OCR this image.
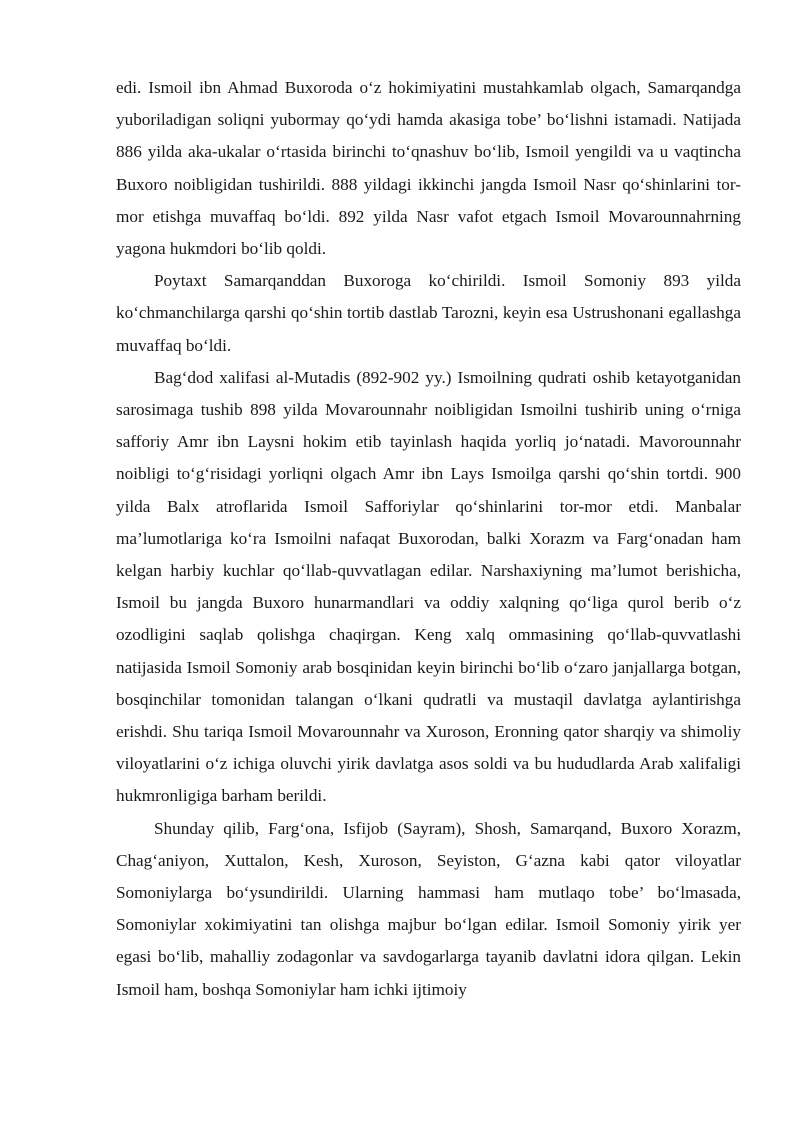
edi. Ismoil ibn Ahmad Buxoroda o‘z hokimiyatini mustahkamlab olgach, Samarqandga yuboriladigan soliqni yubormay qo‘ydi hamda akasiga tobe’ bo‘lishni istamadi. Natijada 886 yilda aka-ukalar o‘rtasida birinchi to‘qnashuv bo‘lib, Ismoil yengildi va u vaqtincha Buxoro noibligidan tushirildi. 888 yildagi ikkinchi jangda Ismoil Nasr qo‘shinlarini tor-mor etishga muvaffaq bo‘ldi. 892 yilda Nasr vafot etgach Ismoil Movarounnahrning yagona hukmdori bo‘lib qoldi.

Poytaxt Samarqanddan Buxoroga ko‘chirildi. Ismoil Somoniy 893 yilda ko‘chmanchilarga qarshi qo‘shin tortib dastlab Tarozni, keyin esa Ustrushonani egallashga muvaffaq bo‘ldi.

Bag‘dod xalifasi al-Mutadis (892-902 yy.) Ismoilning qudrati oshib ketayotganidan sarosimaga tushib 898 yilda Movarounnahr noibligidan Ismoilni tushirib uning o‘rniga safforiy Amr ibn Laysni hokim etib tayinlash haqida yorliq jo‘natadi. Mavorounnahr noibligi to‘g‘risidagi yorliqni olgach Amr ibn Lays Ismoilga qarshi qo‘shin tortdi. 900 yilda Balx atroflarida Ismoil Safforiylar qo‘shinlarini tor-mor etdi. Manbalar ma’lumotlariga ko‘ra Ismoilni nafaqat Buxorodan, balki Xorazm va Farg‘onadan ham kelgan harbiy kuchlar qo‘llab-quvvatlagan edilar. Narshaxiyning ma’lumot berishicha, Ismoil bu jangda Buxoro hunarmandlari va oddiy xalqning qo‘liga qurol berib o‘z ozodligini saqlab qolishga chaqirgan. Keng xalq ommasining qo‘llab-quvvatlashi natijasida Ismoil Somoniy arab bosqinidan keyin birinchi bo‘lib o‘zaro janjallarga botgan, bosqinchilar tomonidan talangan o‘lkani qudratli va mustaqil davlatga aylantirishga erishdi. Shu tariqa Ismoil Movarounnahr va Xuroson, Eronning qator sharqiy va shimoliy viloyatlarini o‘z ichiga oluvchi yirik davlatga asos soldi va bu hududlarda Arab xalifaligi hukmronligiga barham berildi.

Shunday qilib, Farg‘ona, Isfijob (Sayram), Shosh, Samarqand, Buxoro Xorazm, Chag‘aniyon, Xuttalon, Kesh, Xuroson, Seyiston, G‘azna kabi qator viloyatlar Somoniylarga bo‘ysundirildi. Ularning hammasi ham mutlaqo tobe’ bo‘lmasada, Somoniylar xokimiyatini tan olishga majbur bo‘lgan edilar. Ismoil Somoniy yirik yer egasi bo‘lib, mahalliy zodagonlar va savdogarlarga tayanib davlatni idora qilgan. Lekin Ismoil ham, boshqa Somoniylar ham ichki ijtimoiy
